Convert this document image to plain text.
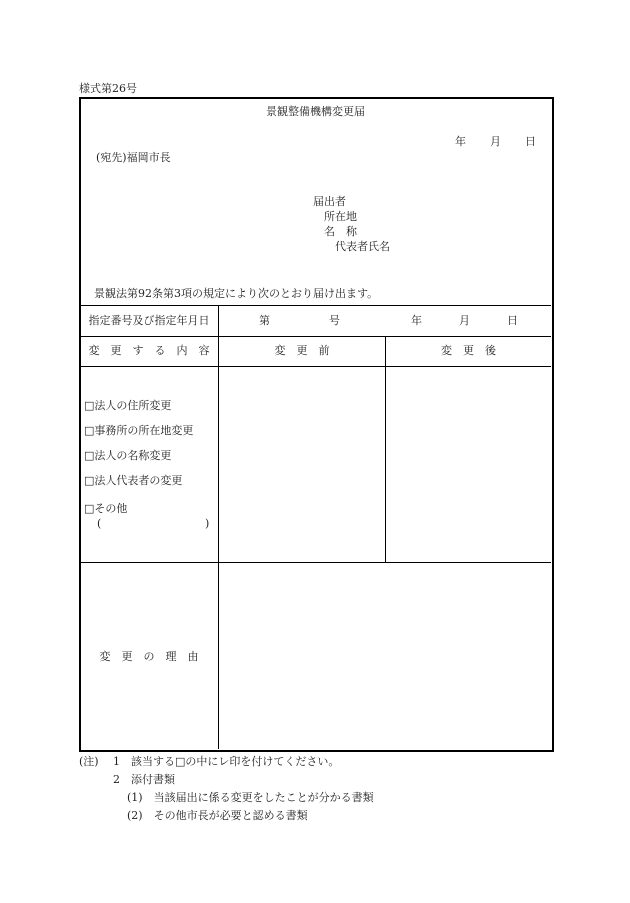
様式第26号
景観整備機構変更届
年 月 日
(宛先)福岡市長
届出者
所在地
名　称
代表者氏名
景観法第92条第3項の規定により次のとおり届け出ます。
指定番号及び指定年月日	第	号	年	月	日
変　更　す　る　内　容	変　更　前	変　更　後
□法人の住所変更
□事務所の所在地変更
□法人の名称変更
□法人代表者の変更
□その他
(	)
変　更　の　理　由
(注) 1　該当する□の中にレ印を付けてください。
2　添付書類
(1)　当該届出に係る変更をしたことが分かる書類
(2)　その他市長が必要と認める書類
